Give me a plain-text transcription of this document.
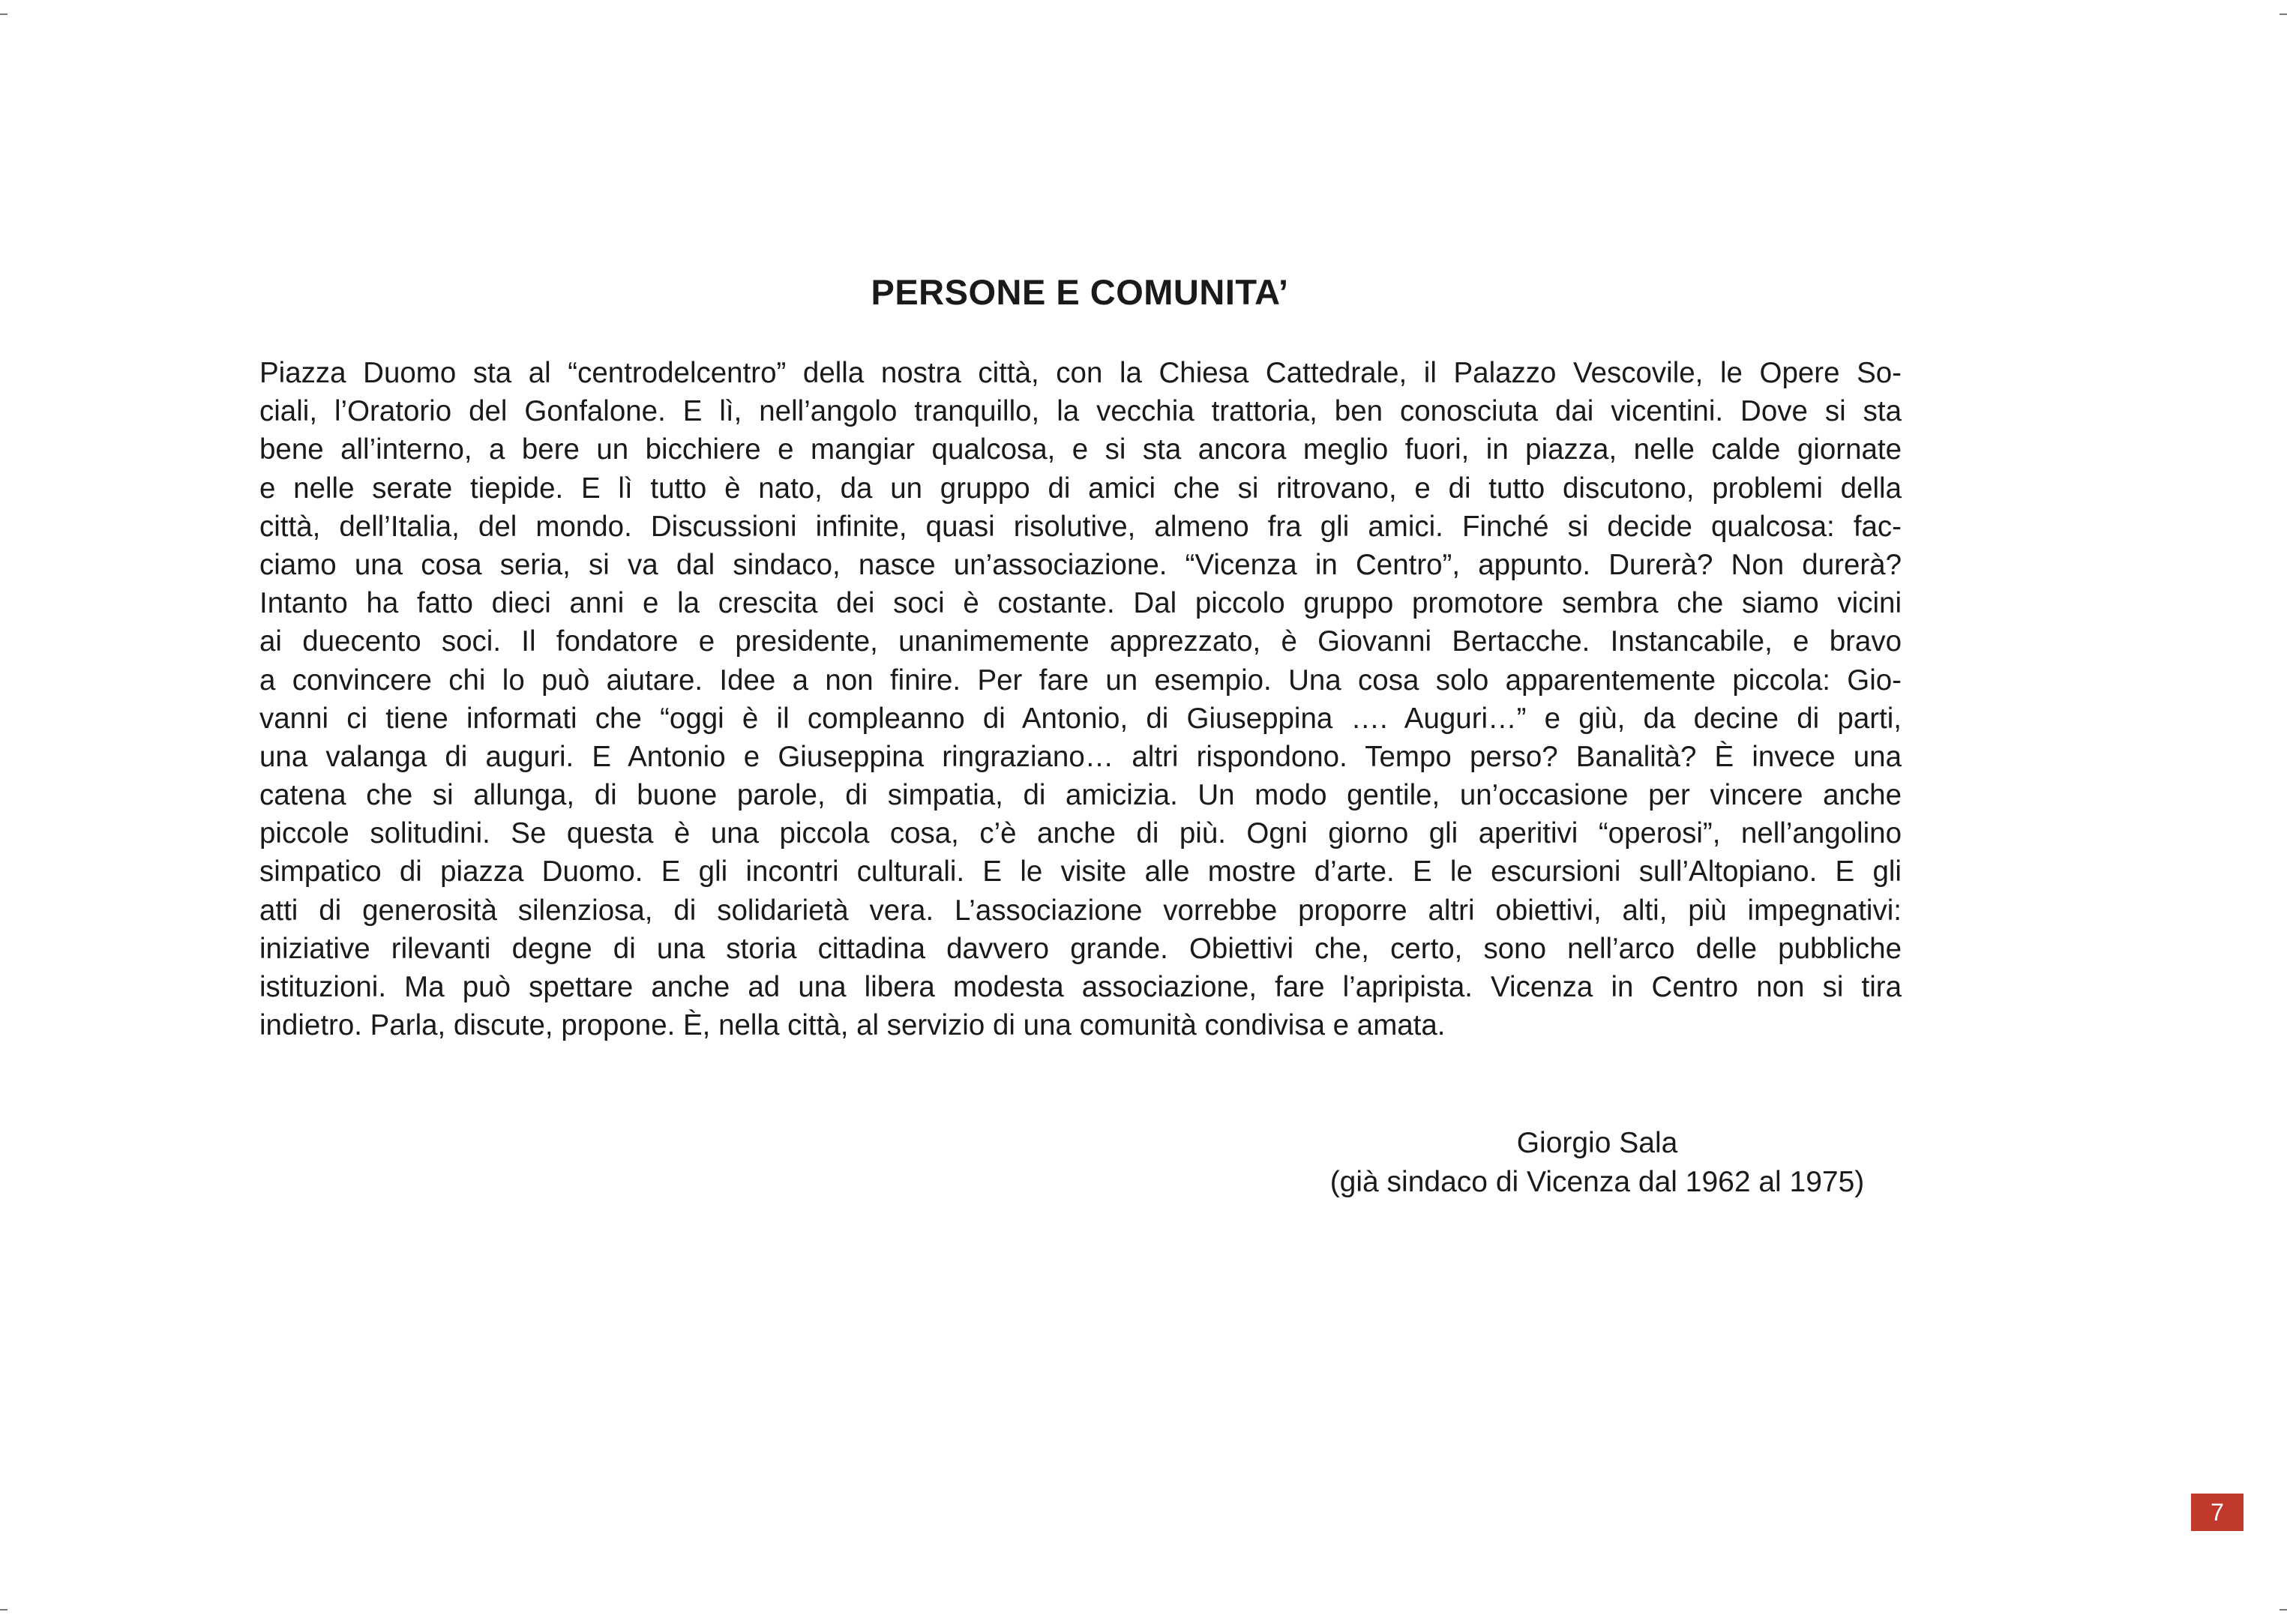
PERSONE E COMUNITA’
Piazza Duomo sta al “centrodelcentro” della nostra città, con la Chiesa Cattedrale, il Palazzo Vescovile, le Opere So-
ciali, l’Oratorio del Gonfalone. E lì, nell’angolo tranquillo, la vecchia trattoria, ben conosciuta dai vicentini. Dove si sta
bene all’interno, a bere un bicchiere e mangiar qualcosa, e si sta ancora meglio fuori, in piazza, nelle calde giornate
e nelle serate tiepide. E lì tutto è nato, da un gruppo di amici che si ritrovano, e di tutto discutono, problemi della
città, dell’Italia, del mondo. Discussioni infinite, quasi risolutive, almeno fra gli amici. Finché si decide qualcosa: fac-
ciamo una cosa seria, si va dal sindaco, nasce un’associazione. “Vicenza in Centro”, appunto. Durerà? Non durerà?
Intanto ha fatto dieci anni e la crescita dei soci è costante. Dal piccolo gruppo promotore sembra che siamo vicini
ai duecento soci. Il fondatore e presidente, unanimemente apprezzato, è Giovanni Bertacche. Instancabile, e bravo
a convincere chi lo può aiutare. Idee a non finire. Per fare un esempio. Una cosa solo apparentemente piccola: Gio-
vanni ci tiene informati che “oggi è il compleanno di Antonio, di Giuseppina …. Auguri…” e giù, da decine di parti,
una valanga di auguri. E Antonio e Giuseppina ringraziano… altri rispondono. Tempo perso? Banalità? È invece una
catena che si allunga, di buone parole, di simpatia, di amicizia. Un modo gentile, un’occasione per vincere anche
piccole solitudini. Se questa è una piccola cosa, c’è anche di più. Ogni giorno gli aperitivi “operosi”, nell’angolino
simpatico di piazza Duomo. E gli incontri culturali. E le visite alle mostre d’arte. E le escursioni sull’Altopiano. E gli
atti di generosità silenziosa, di solidarietà vera. L’associazione vorrebbe proporre altri obiettivi, alti, più impegnativi:
iniziative rilevanti degne di una storia cittadina davvero grande. Obiettivi che, certo, sono nell’arco delle pubbliche
istituzioni. Ma può spettare anche ad una libera modesta associazione, fare l’apripista. Vicenza in Centro non si tira
indietro. Parla, discute, propone. È, nella città, al servizio di una comunità condivisa e amata.
Giorgio Sala
(già sindaco di Vicenza dal 1962 al 1975)
7
